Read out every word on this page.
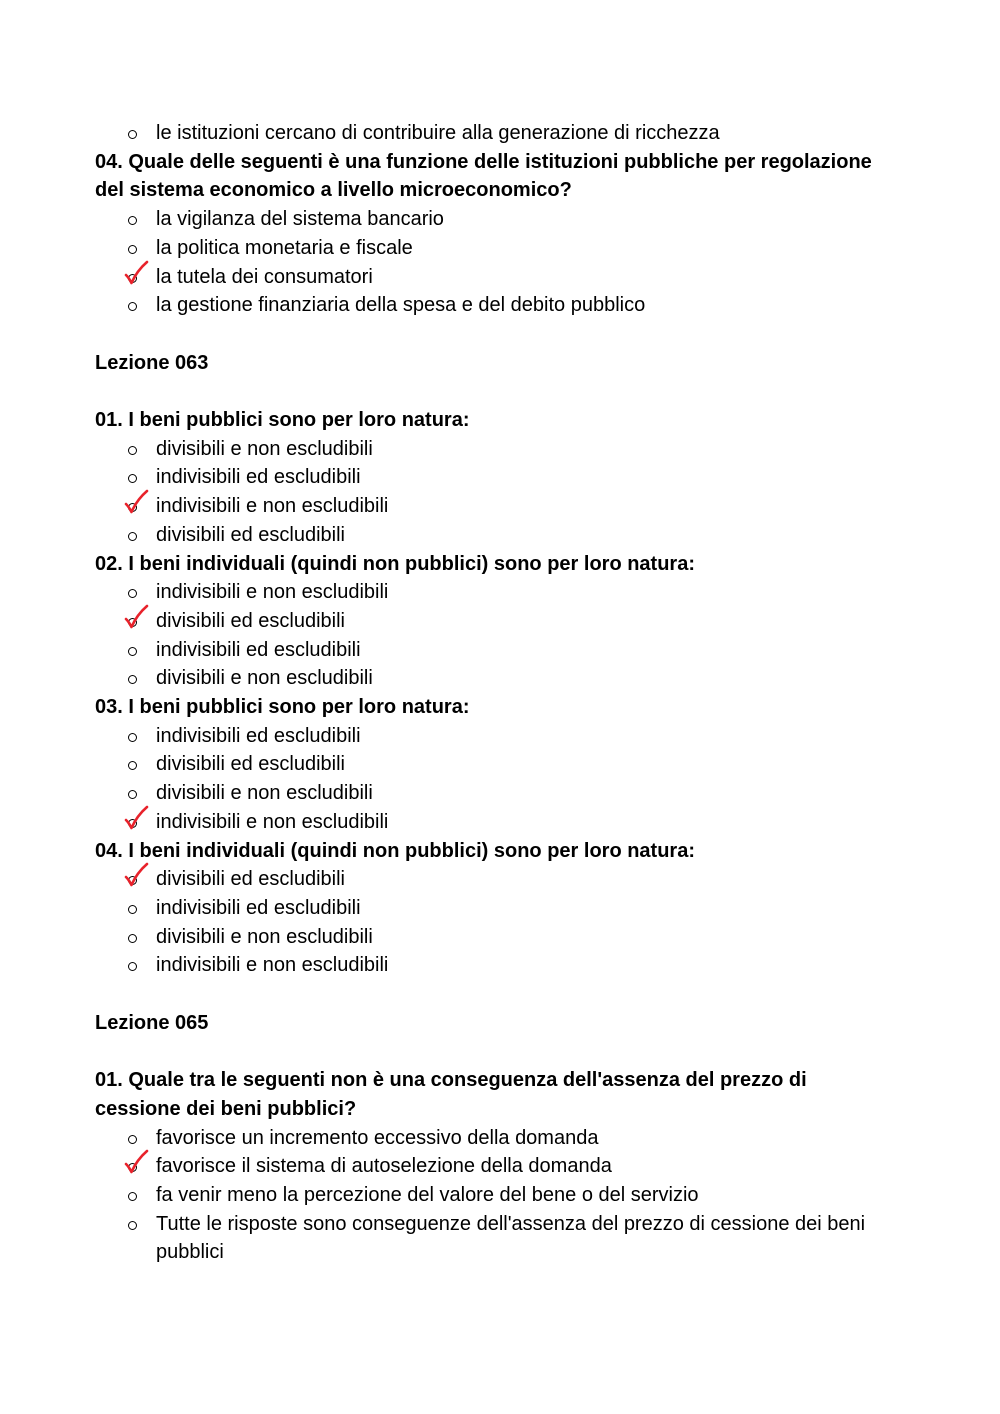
le istituzioni cercano di contribuire alla generazione di ricchezza
04. Quale delle seguenti è una funzione delle istituzioni pubbliche per regolazione del sistema economico a livello microeconomico?
la vigilanza del sistema bancario
la politica monetaria e fiscale
la tutela dei consumatori
la gestione finanziaria della spesa e del debito pubblico
Lezione 063
01. I beni pubblici sono per loro natura:
divisibili e non escludibili
indivisibili ed escludibili
indivisibili e non escludibili
divisibili ed escludibili
02. I beni individuali (quindi non pubblici) sono per loro natura:
indivisibili e non escludibili
divisibili ed escludibili
indivisibili ed escludibili
divisibili e non escludibili
03. I beni pubblici sono per loro natura:
indivisibili ed escludibili
divisibili ed escludibili
divisibili e non escludibili
indivisibili e non escludibili
04. I beni individuali (quindi non pubblici) sono per loro natura:
divisibili ed escludibili
indivisibili ed escludibili
divisibili e non escludibili
indivisibili e non escludibili
Lezione 065
01. Quale tra le seguenti non è una conseguenza dell'assenza del prezzo di cessione dei beni pubblici?
favorisce un incremento eccessivo della domanda
favorisce il sistema di autoselezione della domanda
fa venir meno la percezione del valore del bene o del servizio
Tutte le risposte sono conseguenze dell'assenza del prezzo di cessione dei beni pubblici
